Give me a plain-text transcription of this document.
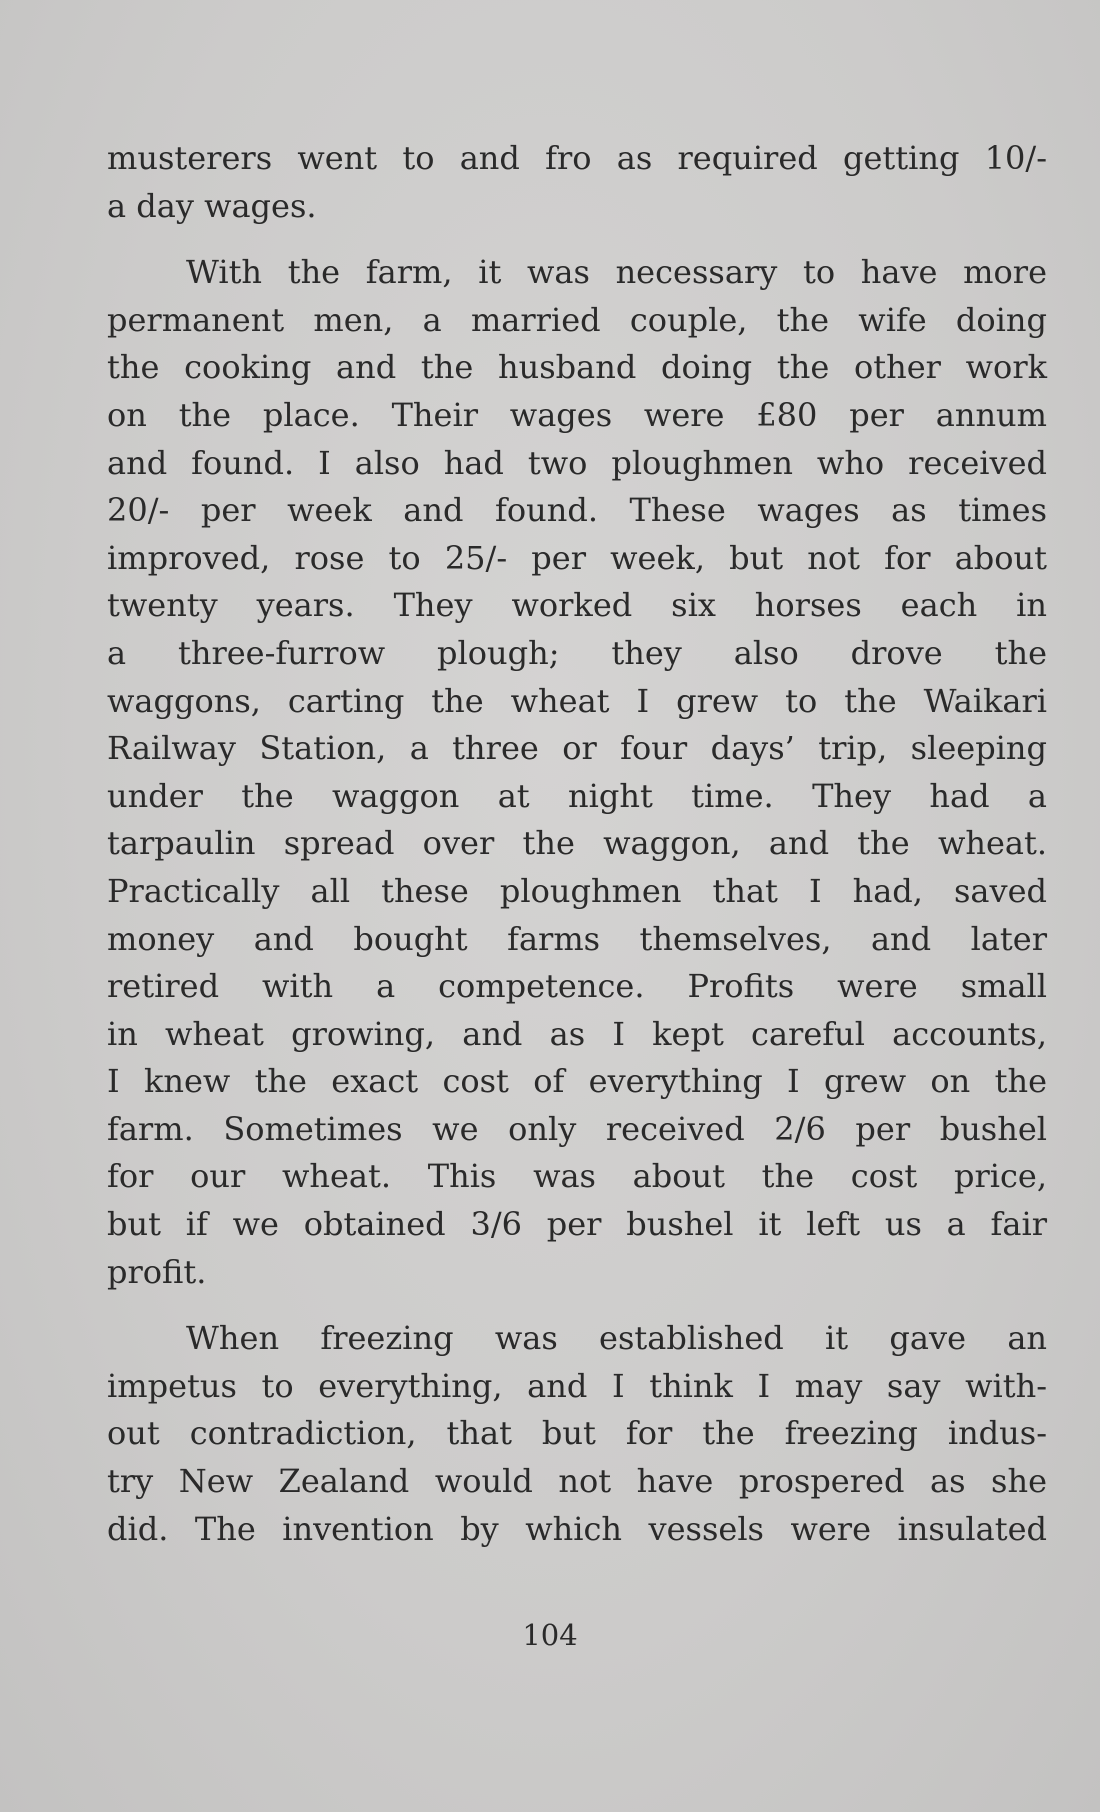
musterers went to and fro as required getting 10/-
a day wages.

With the farm, it was necessary to have more
permanent men, a married couple, the wife doing
the cooking and the husband doing the other work
on the place. Their wages were £80 per annum
and found. I also had two ploughmen who received
20/- per week and found. These wages as times
improved, rose to 25/- per week, but not for about
twenty years. They worked six horses each in
a three-furrow plough; they also drove the
waggons, carting the wheat I grew to the Waikari
Railway Station, a three or four days’ trip, sleeping
under the waggon at night time. They had a
tarpaulin spread over the waggon, and the wheat.
Practically all these ploughmen that I had, saved
money and bought farms themselves, and later
retired with a competence. Profits were small
in wheat growing, and as I kept careful accounts,
I knew the exact cost of everything I grew on the
farm. Sometimes we only received 2/6 per bushel
for our wheat. This was about the cost price,
but if we obtained 3/6 per bushel it left us a fair
profit.

When freezing was established it gave an
impetus to everything, and I think I may say with-
out contradiction, that but for the freezing indus-
try New Zealand would not have prospered as she
did. The invention by which vessels were insulated

104
